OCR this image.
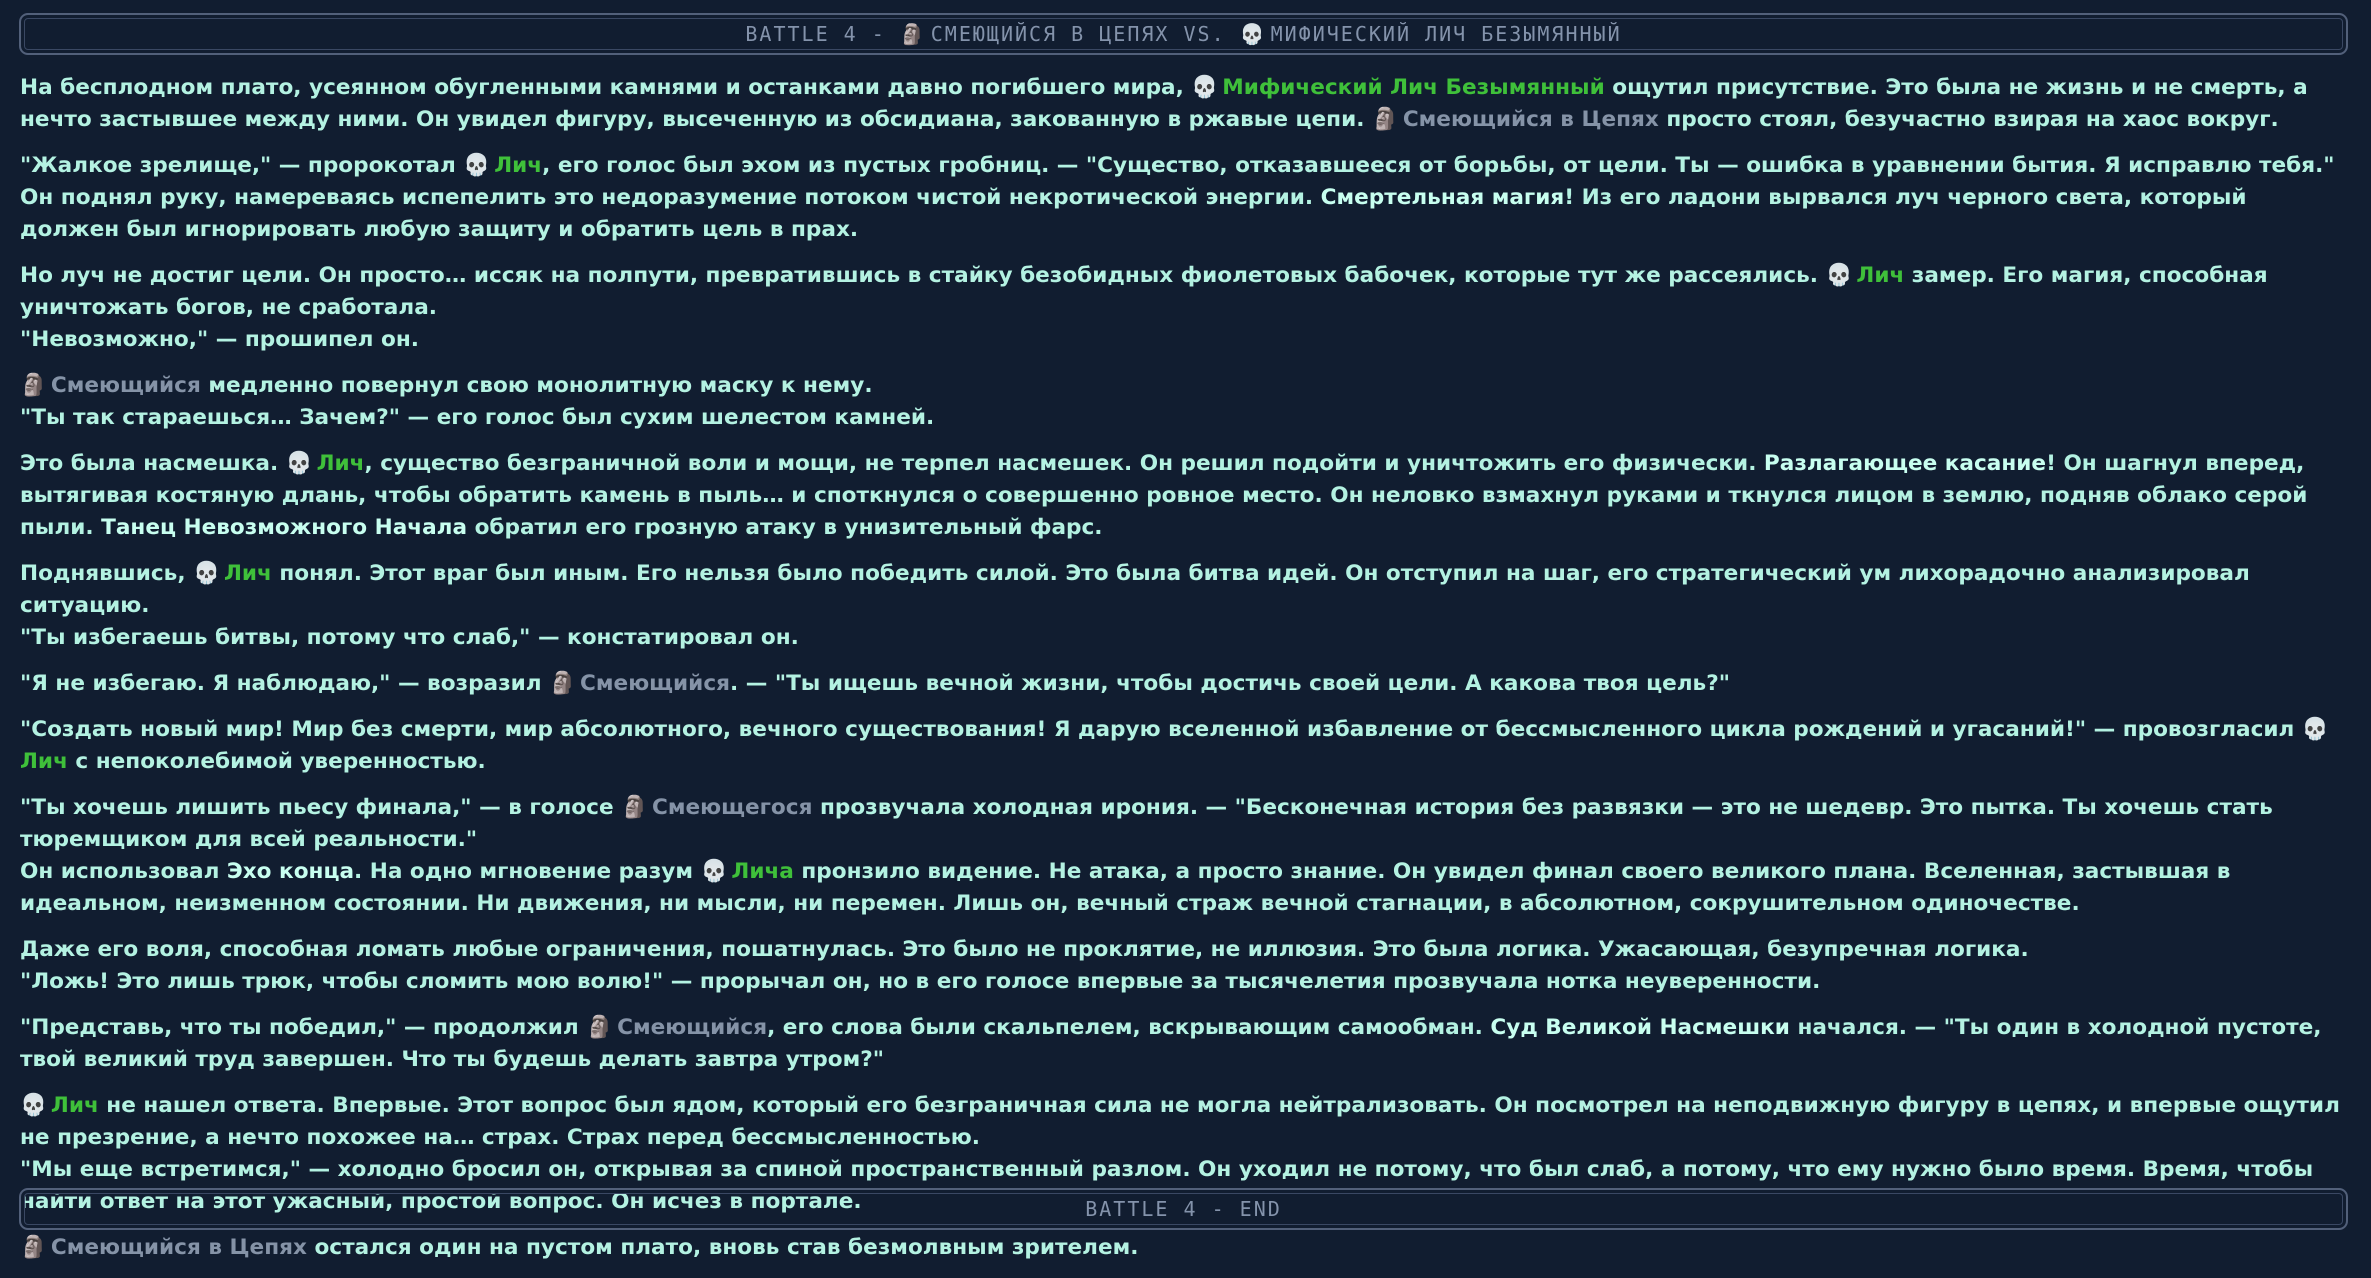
BATTLE 4 - 🗿 СМЕЮЩИЙСЯ В ЦЕПЯХ VS. 💀 МИФИЧЕСКИЙ ЛИЧ БЕЗЫМЯННЫЙ

На бесплодном плато, усеянном обугленными камнями и останками давно погибшего мира, 💀 Мифический Лич Безымянный ощутил присутствие. Это была не жизнь и не смерть, а нечто застывшее между ними. Он увидел фигуру, высеченную из обсидиана, закованную в ржавые цепи. 🗿 Смеющийся в Цепях просто стоял, безучастно взирая на хаос вокруг.

"Жалкое зрелище," — пророкотал 💀 Лич, его голос был эхом из пустых гробниц. — "Существо, отказавшееся от борьбы, от цели. Ты — ошибка в уравнении бытия. Я исправлю тебя."
Он поднял руку, намереваясь испепелить это недоразумение потоком чистой некротической энергии. Смертельная магия! Из его ладони вырвался луч черного света, который должен был игнорировать любую защиту и обратить цель в прах.

Но луч не достиг цели. Он просто… иссяк на полпути, превратившись в стайку безобидных фиолетовых бабочек, которые тут же рассеялись. 💀 Лич замер. Его магия, способная уничтожать богов, не сработала.
"Невозможно," — прошипел он.

🗿 Смеющийся медленно повернул свою монолитную маску к нему.
"Ты так стараешься… Зачем?" — его голос был сухим шелестом камней.

Это была насмешка. 💀 Лич, существо безграничной воли и мощи, не терпел насмешек. Он решил подойти и уничтожить его физически. Разлагающее касание! Он шагнул вперед, вытягивая костяную длань, чтобы обратить камень в пыль… и споткнулся о совершенно ровное место. Он неловко взмахнул руками и ткнулся лицом в землю, подняв облако серой пыли. Танец Невозможного Начала обратил его грозную атаку в унизительный фарс.

Поднявшись, 💀 Лич понял. Этот враг был иным. Его нельзя было победить силой. Это была битва идей. Он отступил на шаг, его стратегический ум лихорадочно анализировал ситуацию.
"Ты избегаешь битвы, потому что слаб," — констатировал он.

"Я не избегаю. Я наблюдаю," — возразил 🗿 Смеющийся. — "Ты ищешь вечной жизни, чтобы достичь своей цели. А какова твоя цель?"

"Создать новый мир! Мир без смерти, мир абсолютного, вечного существования! Я дарую вселенной избавление от бессмысленного цикла рождений и угасаний!" — провозгласил 💀Лич с непоколебимой уверенностью.

"Ты хочешь лишить пьесу финала," — в голосе 🗿 Смеющегося прозвучала холодная ирония. — "Бесконечная история без развязки — это не шедевр. Это пытка. Ты хочешь стать тюремщиком для всей реальности."
Он использовал Эхо конца. На одно мгновение разум 💀 Лича пронзило видение. Не атака, а просто знание. Он увидел финал своего великого плана. Вселенная, застывшая в идеальном, неизменном состоянии. Ни движения, ни мысли, ни перемен. Лишь он, вечный страж вечной стагнации, в абсолютном, сокрушительном одиночестве.

Даже его воля, способная ломать любые ограничения, пошатнулась. Это было не проклятие, не иллюзия. Это была логика. Ужасающая, безупречная логика.
"Ложь! Это лишь трюк, чтобы сломить мою волю!" — прорычал он, но в его голосе впервые за тысячелетия прозвучала нотка неуверенности.

"Представь, что ты победил," — продолжил 🗿 Смеющийся, его слова были скальпелем, вскрывающим самообман. Суд Великой Насмешки начался. — "Ты один в холодной пустоте, твой великий труд завершен. Что ты будешь делать завтра утром?"

💀 Лич не нашел ответа. Впервые. Этот вопрос был ядом, который его безграничная сила не могла нейтрализовать. Он посмотрел на неподвижную фигуру в цепях, и впервые ощутил не презрение, а нечто похожее на… страх. Страх перед бессмысленностью.
"Мы еще встретимся," — холодно бросил он, открывая за спиной пространственный разлом. Он уходил не потому, что был слаб, а потому, что ему нужно было время. Время, чтобы найти ответ на этот ужасный, простой вопрос. Он исчез в портале.

🗿 Смеющийся в Цепях остался один на пустом плато, вновь став безмолвным зрителем.

BATTLE 4 - END
